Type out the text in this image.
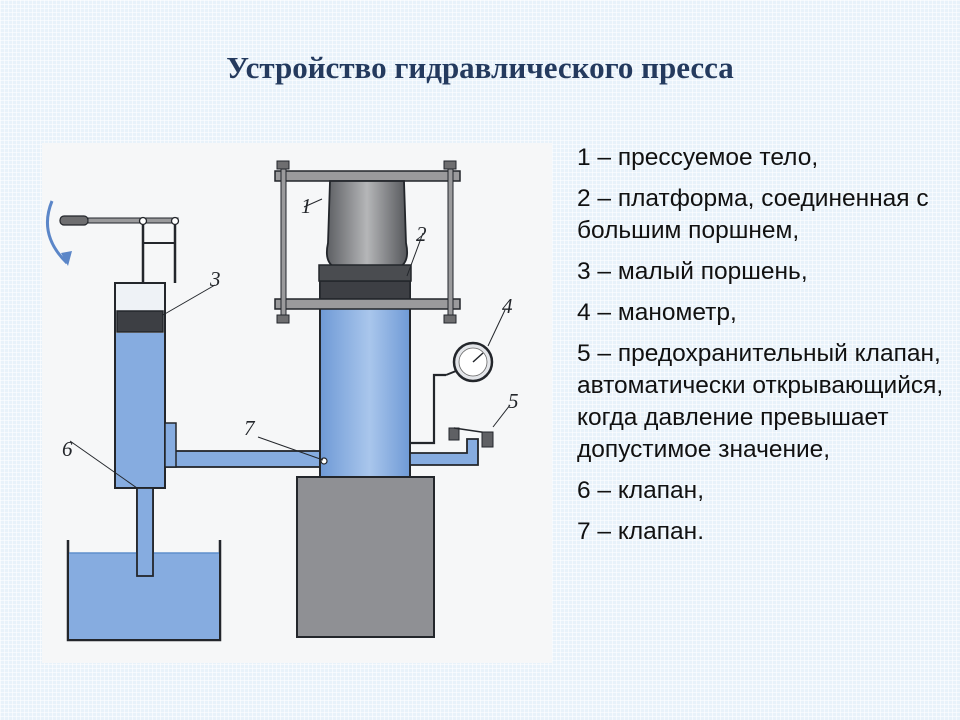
Устройство гидравлического пресса
1
2
3
4
5
6
7
1 – прессуемое тело,
2 – платформа, соединенная с большим поршнем,
3 – малый поршень,
4 – манометр,
5 – предохранительный клапан, автоматически открывающийся, когда давление превышает допустимое значение,
6 – клапан,
7 – клапан.
